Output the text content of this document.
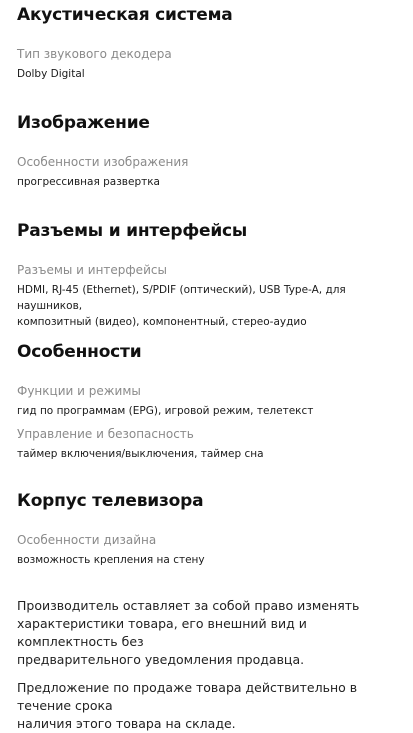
Акустическая система

Тип звукового декодера

Dolby Digital

Изображение

Особенности изображения

прогрессивная развертка

Разъемы и интерфейсы

Разъемы и интерфейсы

HDMI, RJ-45 (Ethernet), S/PDIF (оптический), USB Type-A, для наушников,

композитный (видео), компонентный, стерео-аудио

Особенности

Функции и режимы

гид по программам (EPG), игровой режим, телетекст

Управление и безопасность

таймер включения/выключения, таймер сна

Корпус телевизора

Особенности дизайна

возможность крепления на стену

Производитель оставляет за собой право изменять

характеристики товара, его внешний вид и комплектность без

предварительного уведомления продавца.

Предложение по продаже товара действительно в течение срока

наличия этого товара на складе.
